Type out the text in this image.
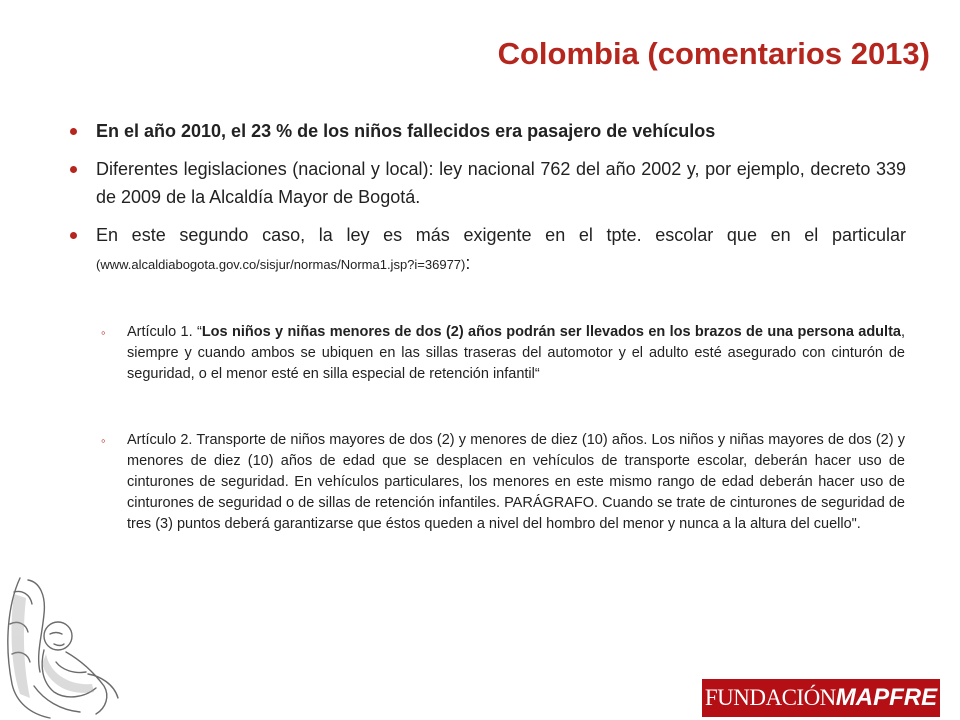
Colombia (comentarios 2013)
En el año 2010, el 23 % de los niños fallecidos era pasajero de vehículos
Diferentes legislaciones (nacional y local): ley nacional 762 del año 2002 y, por ejemplo, decreto 339 de 2009 de la Alcaldía Mayor de Bogotá.
En este segundo caso, la ley es más exigente en el tpte. escolar que en el particular (www.alcaldiabogota.gov.co/sisjur/normas/Norma1.jsp?i=36977):
◦ Artículo 1. “Los niños y niñas menores de dos (2) años podrán ser llevados en los brazos de una persona adulta, siempre y cuando ambos se ubiquen en las sillas traseras del automotor y el adulto esté asegurado con cinturón de seguridad, o el menor esté en silla especial de retención infantil“
◦ Artículo 2. Transporte de niños mayores de dos (2) y menores de diez (10) años. Los niños y niñas mayores de dos (2) y menores de diez (10) años de edad que se desplacen en vehículos de transporte escolar, deberán hacer uso de cinturones de seguridad. En vehículos particulares, los menores en este mismo rango de edad deberán hacer uso de cinturones de seguridad o de sillas de retención infantiles. PARÁGRAFO. Cuando se trate de cinturones de seguridad de tres (3) puntos deberá garantizarse que éstos queden a nivel del hombro del menor y nunca a la altura del cuello".
FUNDACIÓN MAPFRE
